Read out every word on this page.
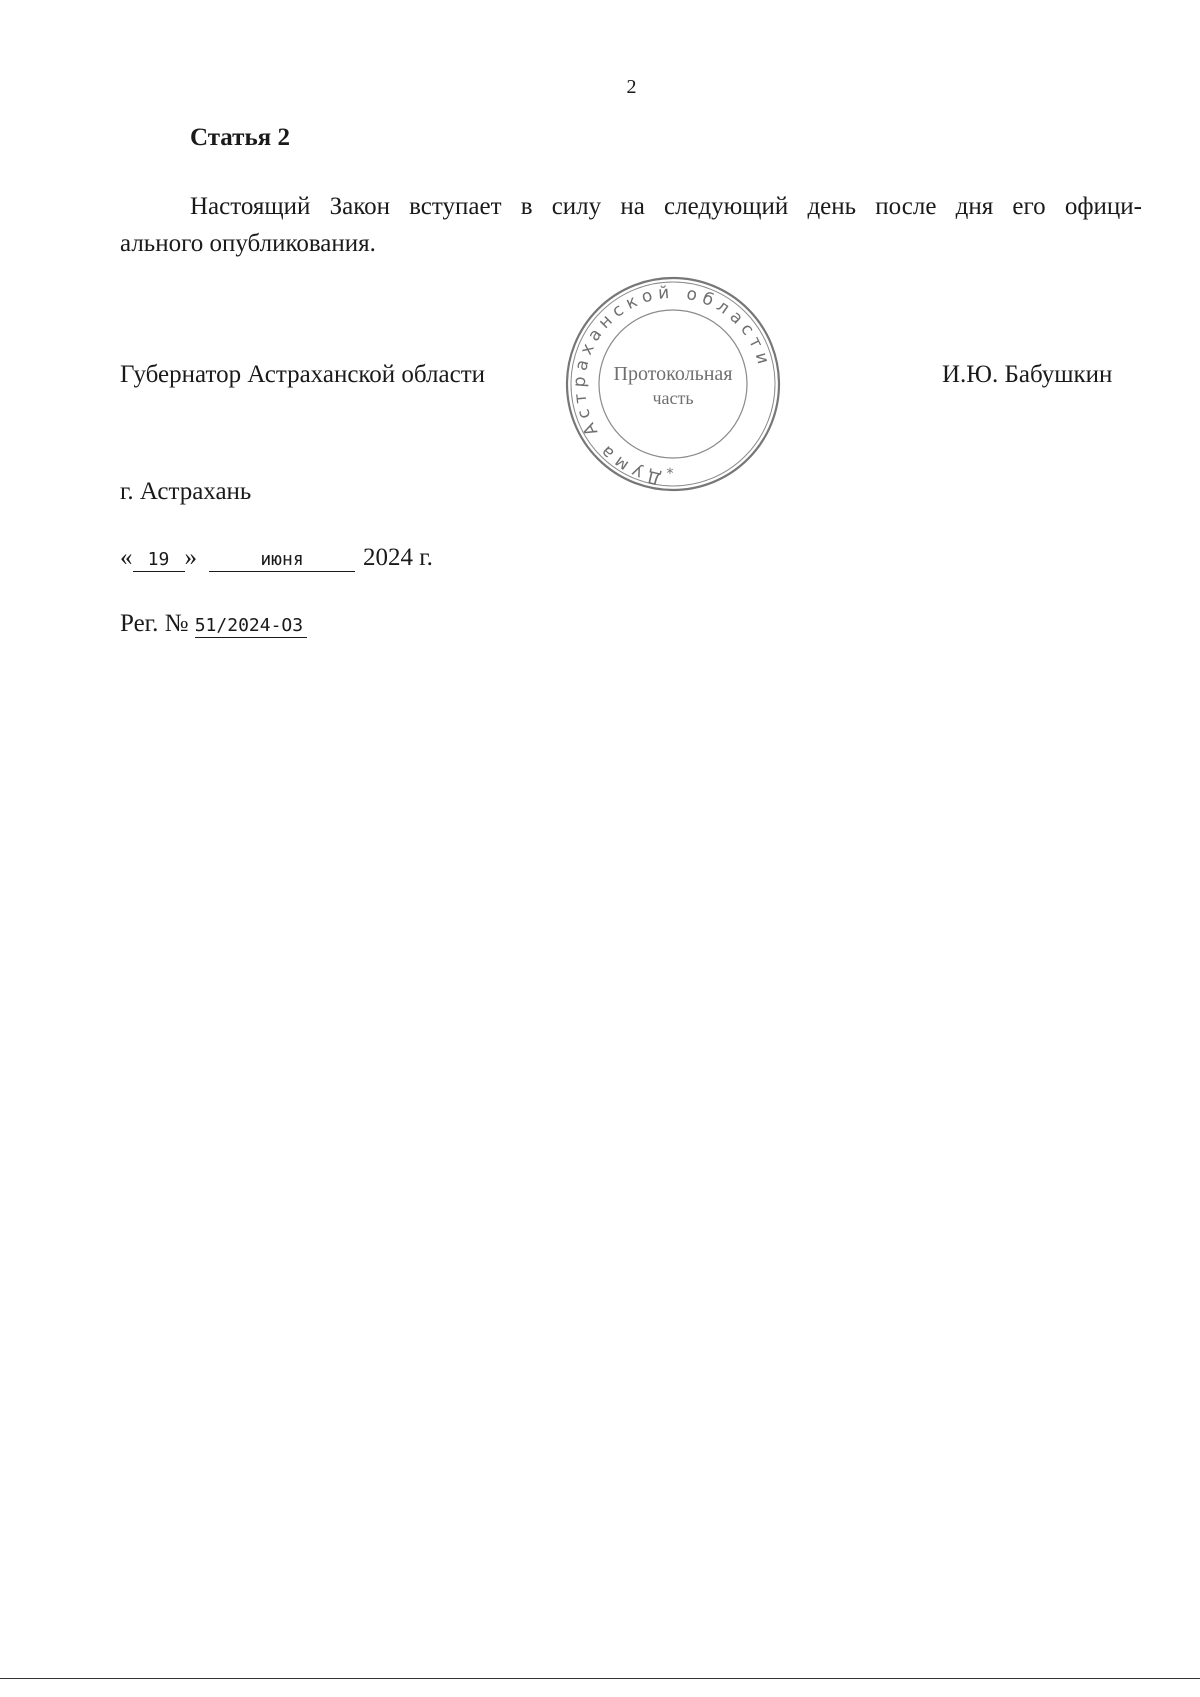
2
Статья 2

Настоящий Закон вступает в силу на следующий день после дня его офици-
ального опубликования.

Губернатор Астраханской области
Дума Астраханской области
Протокольная
часть
*
И.Ю. Бабушкин
г. Астрахань
« 19 »	июня 2024 г.
Рег. № 51/2024-ОЗ
